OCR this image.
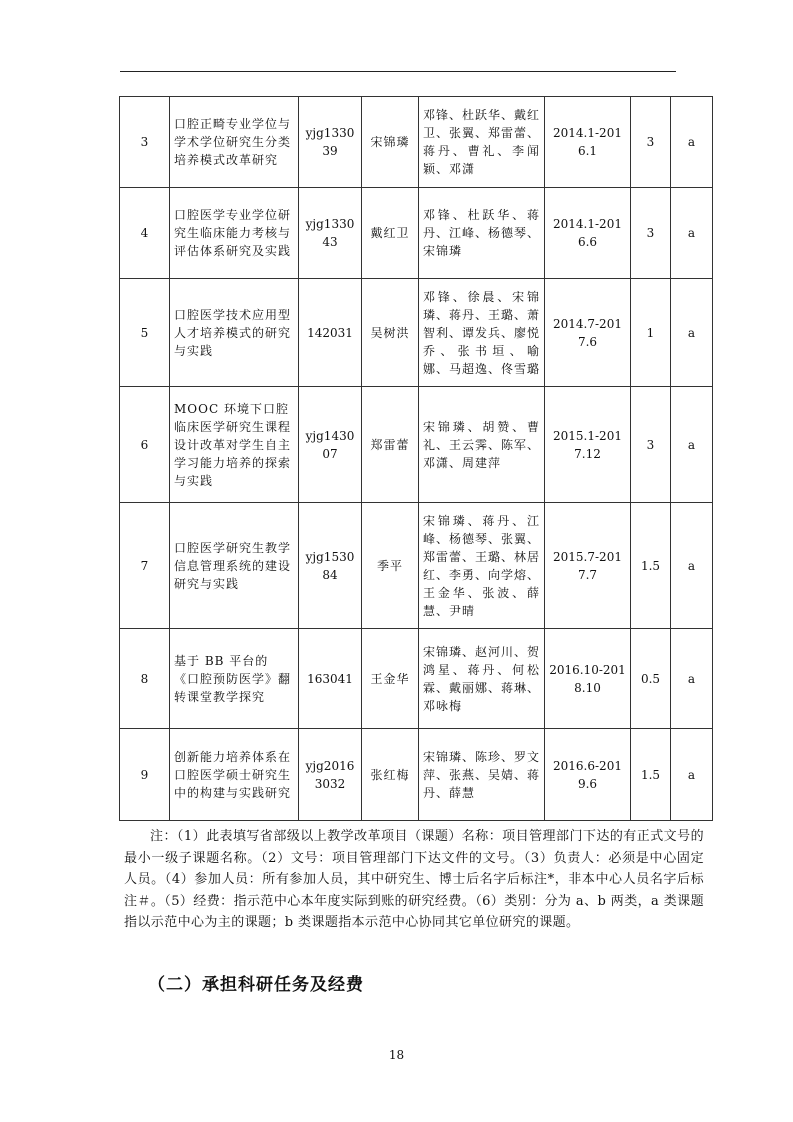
3	口腔正畸专业学位与学术学位研究生分类培养模式改革研究	yjg133039	宋锦璘	邓锋、杜跃华、戴红卫、张翼、郑雷蕾、蒋丹、曹礼、李闻颖、邓潇	2014.1-2016.1	3	a
4	口腔医学专业学位研究生临床能力考核与评估体系研究及实践	yjg133043	戴红卫	邓锋、杜跃华、蒋丹、江峰、杨德琴、宋锦璘	2014.1-2016.6	3	a
5	口腔医学技术应用型人才培养模式的研究与实践	142031	吴树洪	邓锋、徐晨、宋锦璘、蒋丹、王璐、萧智利、谭发兵、廖悦乔、张书垣、喻 娜、马超逸、佟雪璐	2014.7-2017.6	1	a
6	MOOC 环境下口腔临床医学研究生课程设计改革对学生自主学习能力培养的探索与实践	yjg143007	郑雷蕾	宋锦璘、胡赞、曹礼、王云霁、陈军、邓潇、周建萍	2015.1-2017.12	3	a
7	口腔医学研究生教学信息管理系统的建设研究与实践	yjg153084	季平	宋锦璘、蒋丹、江峰、杨德琴、张翼、郑雷蕾、王璐、林居红、李勇、向学熔、王金华、张波、薛慧、尹晴	2015.7-2017.7	1.5	a
8	基于 BB 平台的《口腔预防医学》翻转课堂教学探究	163041	王金华	宋锦璘、赵河川、贺鸿星、蒋丹、何松霖、戴丽娜、蒋琳、邓咏梅	2016.10-2018.10	0.5	a
9	创新能力培养体系在口腔医学硕士研究生中的构建与实践研究	yjg20163032	张红梅	宋锦璘、陈珍、罗文萍、张燕、吴婧、蒋丹、薛慧	2016.6-2019.6	1.5	a
注：（1）此表填写省部级以上教学改革项目（课题）名称：项目管理部门下达的有正式文号的最小一级子课题名称。（2）文号：项目管理部门下达文件的文号。（3）负责人：必须是中心固定人员。（4）参加人员：所有参加人员，其中研究生、博士后名字后标注*，非本中心人员名字后标注＃。（5）经费：指示范中心本年度实际到账的研究经费。（6）类别：分为 a、b 两类，a 类课题指以示范中心为主的课题；b 类课题指本示范中心协同其它单位研究的课题。
（二）承担科研任务及经费
18
